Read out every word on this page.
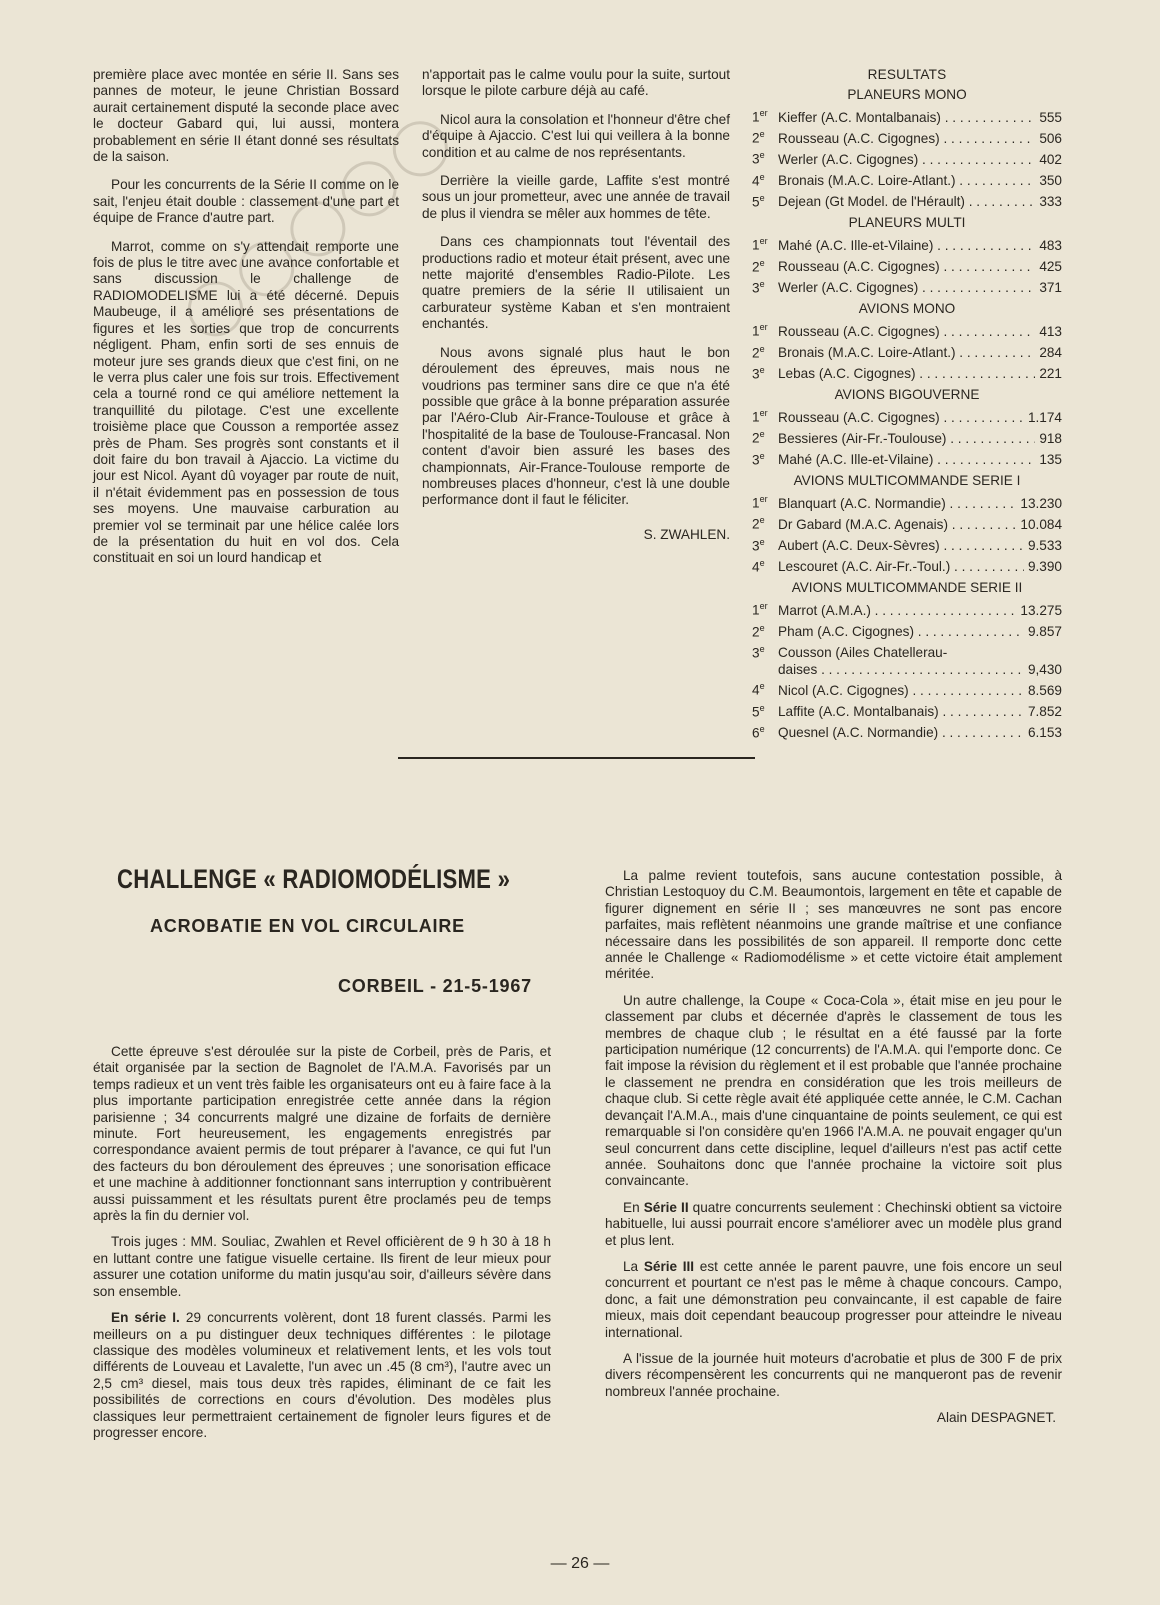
première place avec montée en série II. Sans ses pannes de moteur, le jeune Christian Bossard aurait certainement disputé la seconde place avec le docteur Gabard qui, lui aussi, montera probablement en série II étant donné ses résultats de la saison.

Pour les concurrents de la Série II comme on le sait, l'enjeu était double : classement d'une part et équipe de France d'autre part.

Marrot, comme on s'y attendait remporte une fois de plus le titre avec une avance confortable et sans discussion le challenge de RADIOMODELISME lui a été décerné. Depuis Maubeuge, il a amélioré ses présentations de figures et les sorties que trop de concurrents négligent. Pham, enfin sorti de ses ennuis de moteur jure ses grands dieux que c'est fini, on ne le verra plus caler une fois sur trois. Effectivement cela a tourné rond ce qui améliore nettement la tranquillité du pilotage. C'est une excellente troisième place que Cousson a remportée assez près de Pham. Ses progrès sont constants et il doit faire du bon travail à Ajaccio. La victime du jour est Nicol. Ayant dû voyager par route de nuit, il n'était évidemment pas en possession de tous ses moyens. Une mauvaise carburation au premier vol se terminait par une hélice calée lors de la présentation du huit en vol dos. Cela constituait en soi un lourd handicap et

n'apportait pas le calme voulu pour la suite, surtout lorsque le pilote carbure déjà au café.

Nicol aura la consolation et l'honneur d'être chef d'équipe à Ajaccio. C'est lui qui veillera à la bonne condition et au calme de nos représentants.

Derrière la vieille garde, Laffite s'est montré sous un jour prometteur, avec une année de travail de plus il viendra se mêler aux hommes de tête.

Dans ces championnats tout l'éventail des productions radio et moteur était présent, avec une nette majorité d'ensembles Radio-Pilote. Les quatre premiers de la série II utilisaient un carburateur système Kaban et s'en montraient enchantés.

Nous avons signalé plus haut le bon déroulement des épreuves, mais nous ne voudrions pas terminer sans dire ce que n'a été possible que grâce à la bonne préparation assurée par l'Aéro-Club Air-France-Toulouse et grâce à l'hospitalité de la base de Toulouse-Francasal. Non content d'avoir bien assuré les bases des championnats, Air-France-Toulouse remporte de nombreuses places d'honneur, c'est là une double performance dont il faut le féliciter.

S. ZWAHLEN.

RESULTATS
PLANEURS MONO
1er Kieffer (A.C. Montalbanais) . . .	555
2e Rousseau (A.C. Cigognes) . . .	506
3e Werler (A.C. Cigognes) . . .	402
4e Bronais (M.A.C. Loire-Atlant.) . . .	350
5e Dejean (Gt Model. de l'Hérault) . . .	333
PLANEURS MULTI
1er Mahé (A.C. Ille-et-Vilaine) . . .	483
2e Rousseau (A.C. Cigognes) . . .	425
3e Werler (A.C. Cigognes) . . .	371
AVIONS MONO
1er Rousseau (A.C. Cigognes) . . .	413
2e Bronais (M.A.C. Loire-Atlant.) . . .	284
3e Lebas (A.C. Cigognes) . . .	221
AVIONS BIGOUVERNE
1er Rousseau (A.C. Cigognes) . . .	1.174
2e Bessieres (Air-Fr.-Toulouse) . . .	918
3e Mahé (A.C. Ille-et-Vilaine) . . .	135
AVIONS MULTICOMMANDE SERIE I
1er Blanquart (A.C. Normandie) . . .	13.230
2e Dr Gabard (M.A.C. Agenais) . . .	10.084
3e Aubert (A.C. Deux-Sèvres) . . .	9.533
4e Lescouret (A.C. Air-Fr.-Toul.) . . .	9.390
AVIONS MULTICOMMANDE SERIE II
1er Marrot (A.M.A.) . . .	13.275
2e Pham (A.C. Cigognes) . . .	9.857
3e Cousson (Ailes Chatellerau-
daises . . .	9,430
4e Nicol (A.C. Cigognes) . . .	8.569
5e Laffite (A.C. Montalbanais) . . .	7.852
6e Quesnel (A.C. Normandie) . . .	6.153
CHALLENGE « RADIOMODÉLISME »
ACROBATIE EN VOL CIRCULAIRE
CORBEIL - 21-5-1967

Cette épreuve s'est déroulée sur la piste de Corbeil, près de Paris, et était organisée par la section de Bagnolet de l'A.M.A. Favorisés par un temps radieux et un vent très faible les organisateurs ont eu à faire face à la plus importante participation enregistrée cette année dans la région parisienne ; 34 concurrents malgré une dizaine de forfaits de dernière minute. Fort heureusement, les engagements enregistrés par correspondance avaient permis de tout préparer à l'avance, ce qui fut l'un des facteurs du bon déroulement des épreuves ; une sonorisation efficace et une machine à additionner fonctionnant sans interruption y contribuèrent aussi puissamment et les résultats purent être proclamés peu de temps après la fin du dernier vol.

Trois juges : MM. Souliac, Zwahlen et Revel officièrent de 9 h 30 à 18 h en luttant contre une fatigue visuelle certaine. Ils firent de leur mieux pour assurer une cotation uniforme du matin jusqu'au soir, d'ailleurs sévère dans son ensemble.

En série I. 29 concurrents volèrent, dont 18 furent classés. Parmi les meilleurs on a pu distinguer deux techniques différentes : le pilotage classique des modèles volumineux et relativement lents, et les vols tout différents de Louveau et Lavalette, l'un avec un .45 (8 cm³), l'autre avec un 2,5 cm³ diesel, mais tous deux très rapides, éliminant de ce fait les possibilités de corrections en cours d'évolution. Des modèles plus classiques leur permettraient certainement de fignoler leurs figures et de progresser encore.

La palme revient toutefois, sans aucune contestation possible, à Christian Lestoquoy du C.M. Beaumontois, largement en tête et capable de figurer dignement en série II ; ses manœuvres ne sont pas encore parfaites, mais reflètent néanmoins une grande maîtrise et une confiance nécessaire dans les possibilités de son appareil. Il remporte donc cette année le Challenge « Radiomodélisme » et cette victoire était amplement méritée.

Un autre challenge, la Coupe « Coca-Cola », était mise en jeu pour le classement par clubs et décernée d'après le classement de tous les membres de chaque club ; le résultat en a été faussé par la forte participation numérique (12 concurrents) de l'A.M.A. qui l'emporte donc. Ce fait impose la révision du règlement et il est probable que l'année prochaine le classement ne prendra en considération que les trois meilleurs de chaque club. Si cette règle avait été appliquée cette année, le C.M. Cachan devançait l'A.M.A., mais d'une cinquantaine de points seulement, ce qui est remarquable si l'on considère qu'en 1966 l'A.M.A. ne pouvait engager qu'un seul concurrent dans cette discipline, lequel d'ailleurs n'est pas actif cette année. Souhaitons donc que l'année prochaine la victoire soit plus convaincante.

En Série II quatre concurrents seulement : Chechinski obtient sa victoire habituelle, lui aussi pourrait encore s'améliorer avec un modèle plus grand et plus lent.

La Série III est cette année le parent pauvre, une fois encore un seul concurrent et pourtant ce n'est pas le même à chaque concours. Campo, donc, a fait une démonstration peu convaincante, il est capable de faire mieux, mais doit cependant beaucoup progresser pour atteindre le niveau international.

A l'issue de la journée huit moteurs d'acrobatie et plus de 300 F de prix divers récompensèrent les concurrents qui ne manqueront pas de revenir nombreux l'année prochaine.

Alain DESPAGNET.

— 26 —
